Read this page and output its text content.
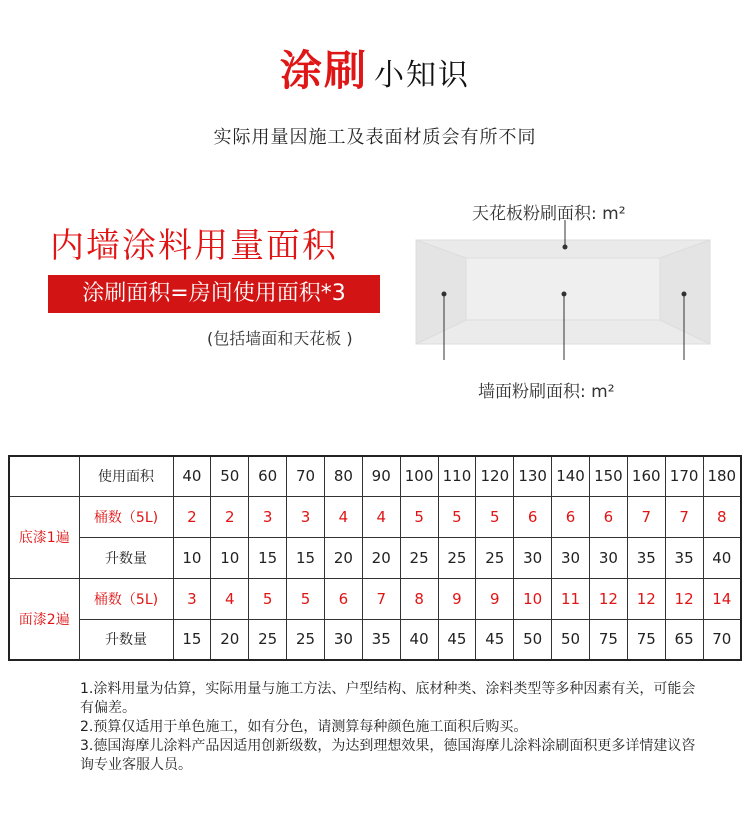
涂刷 小知识
实际用量因施工及表面材质会有所不同
内墙涂料用量面积
涂刷面积=房间使用面积*3
(包括墙面和天花板 )
天花板粉刷面积: m²
墙面粉刷面积: m²
	使用面积	40	50	60	70	80	90	100	110	120	130	140	150	160	170	180
底漆1遍	桶数（5L)	2	2	3	3	4	4	5	5	5	6	6	6	7	7	8
	升数量	10	10	15	15	20	20	25	25	25	30	30	30	35	35	40
面漆2遍	桶数（5L)	3	4	5	5	6	7	8	9	9	10	11	12	12	12	14
	升数量	15	20	25	25	30	35	40	45	45	50	50	75	75	65	70

1.涂料用量为估算，实际用量与施工方法、户型结构、底材种类、涂料类型等多种因素有关，可能会有偏差。

2.预算仅适用于单色施工，如有分色，请测算每种颜色施工面积后购买。

3.德国海摩儿涂料产品因适用创新级数，为达到理想效果，德国海摩儿涂料涂刷面积更多详情建议咨询专业客服人员。
